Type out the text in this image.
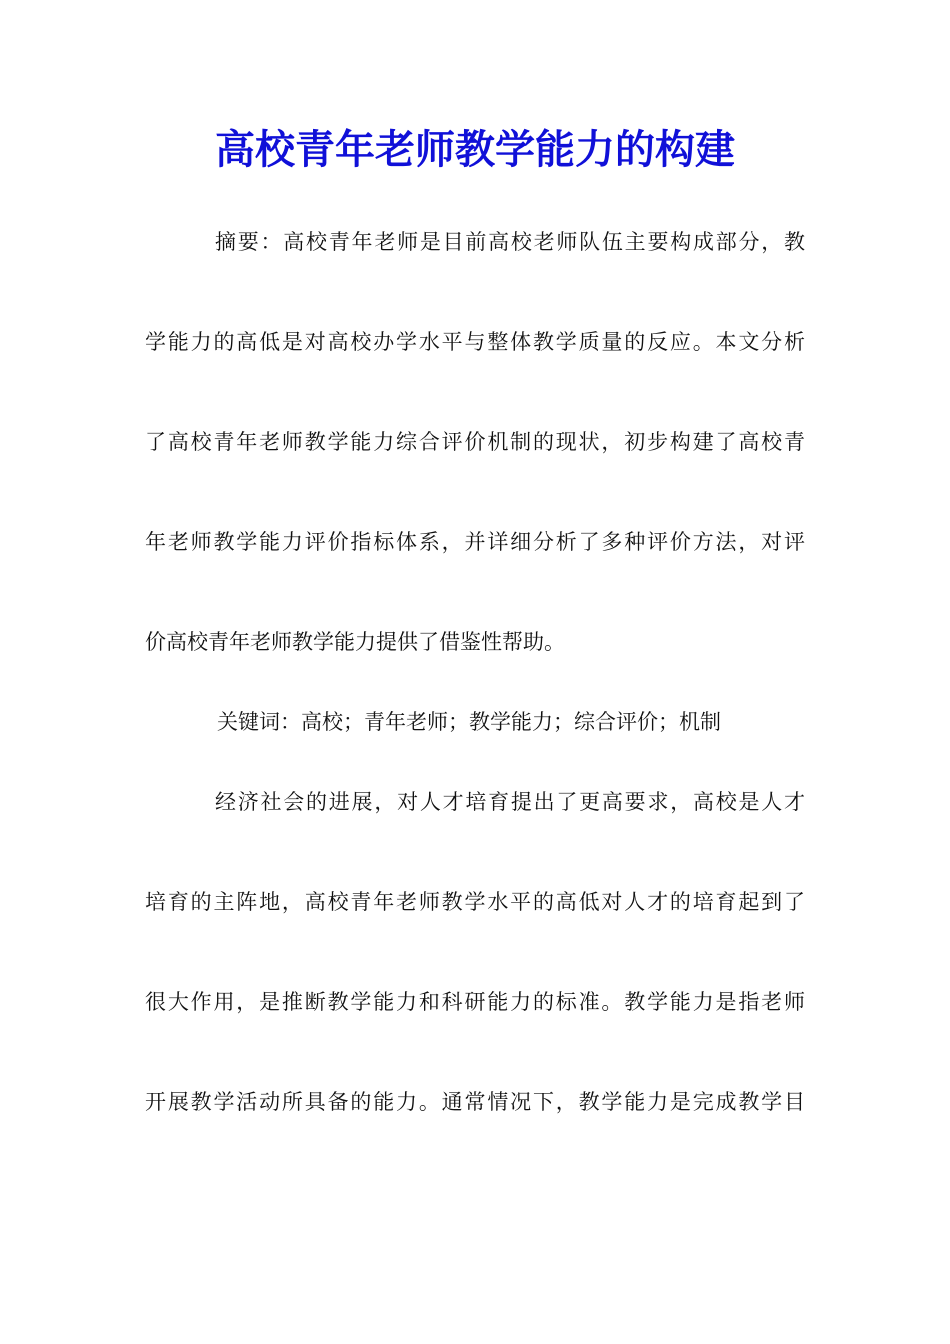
高校青年老师教学能力的构建
摘要：高校青年老师是目前高校老师队伍主要构成部分，教
学能力的高低是对高校办学水平与整体教学质量的反应。本文分析
了高校青年老师教学能力综合评价机制的现状，初步构建了高校青
年老师教学能力评价指标体系，并详细分析了多种评价方法，对评
价高校青年老师教学能力提供了借鉴性帮助。
关键词：高校；青年老师；教学能力；综合评价；机制
经济社会的进展，对人才培育提出了更高要求，高校是人才
培育的主阵地，高校青年老师教学水平的高低对人才的培育起到了
很大作用，是推断教学能力和科研能力的标准。教学能力是指老师
开展教学活动所具备的能力。通常情况下，教学能力是完成教学目
